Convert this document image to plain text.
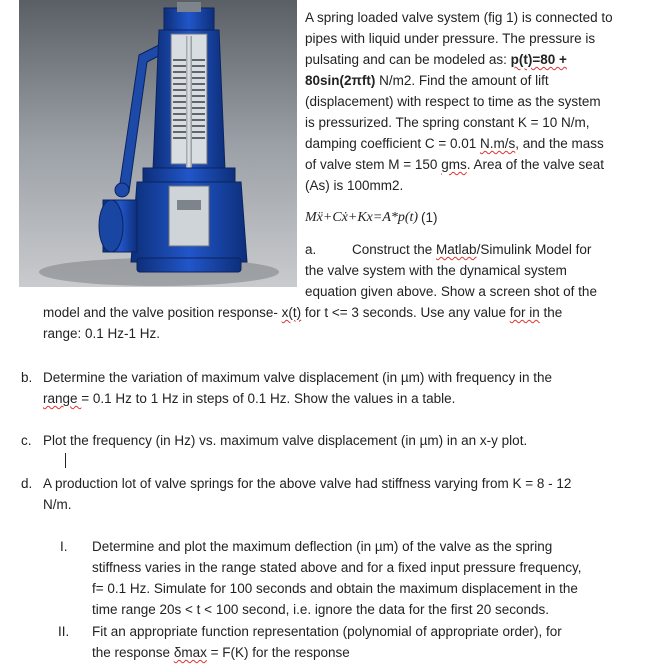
A spring loaded valve system (fig 1) is connected to
pipes with liquid under pressure. The pressure is
pulsating and can be modeled as: p(t)=80 +
80sin(2πft) N/m2. Find the amount of lift
(displacement) with respect to time as the system
is pressurized. The spring constant K = 10 N/m,
damping coefficient C = 0.01 N.m/s, and the mass
of valve stem M = 150 gms. Area of the valve seat
(As) is 100mm2.
Mẍ+Cẋ+Kx=A*p(t) (1)
a.	Construct the Matlab/Simulink Model for
the valve system with the dynamical system
equation given above. Show a screen shot of the
model and the valve position response- x(t) for t <= 3 seconds. Use any value for in the
range: 0.1 Hz-1 Hz.
b. Determine the variation of maximum valve displacement (in µm) with frequency in the
range = 0.1 Hz to 1 Hz in steps of 0.1 Hz. Show the values in a table.
c. Plot the frequency (in Hz) vs. maximum valve displacement (in µm) in an x-y plot.
d. A production lot of valve springs for the above valve had stiffness varying from K = 8 - 12
N/m.
I. Determine and plot the maximum deflection (in µm) of the valve as the spring
stiffness varies in the range stated above and for a fixed input pressure frequency,
f= 0.1 Hz. Simulate for 100 seconds and obtain the maximum displacement in the
time range 20s < t < 100 second, i.e. ignore the data for the first 20 seconds.
II. Fit an appropriate function representation (polynomial of appropriate order), for
the response δmax = F(K) for the response
